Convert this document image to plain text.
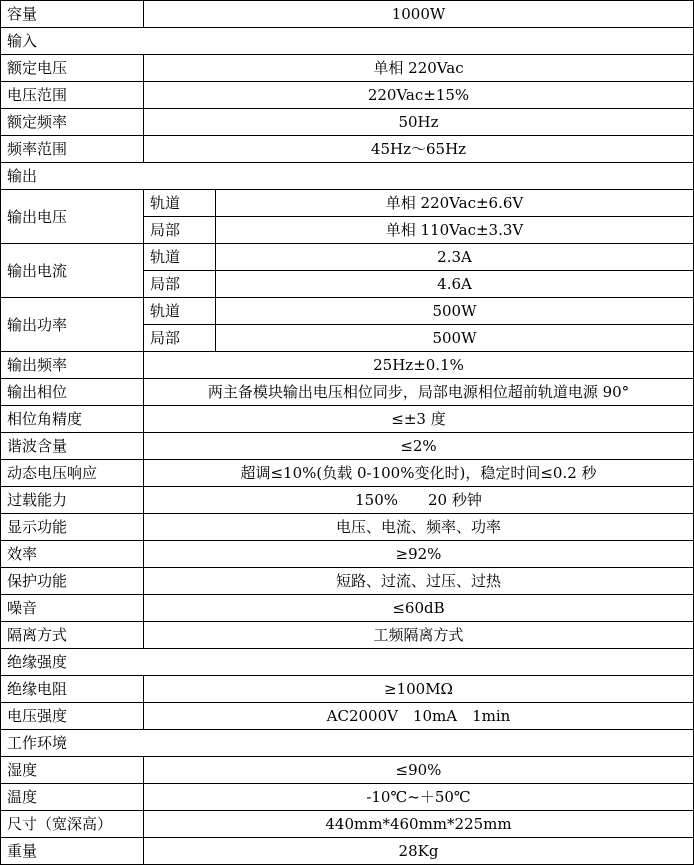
容量	1000W	
输入		
额定电压	单相 220Vac	
电压范围	220Vac±15%	
额定频率	50Hz	
频率范围	45Hz～65Hz	
输出		
输出电压	轨道	单相 220Vac±6.6V
	局部	单相 110Vac±3.3V
输出电流	轨道	2.3A
	局部	4.6A
输出功率	轨道	500W
	局部	500W
输出频率	25Hz±0.1%	
输出相位	两主备模块输出电压相位同步，局部电源相位超前轨道电源 90°	
相位角精度	≤±3 度	
谐波含量	≤2%	
动态电压响应	超调≤10%(负载 0-100%变化时)，稳定时间≤0.2 秒	
过载能力	150%　　20 秒钟	
显示功能	电压、电流、频率、功率	
效率	≥92%	
保护功能	短路、过流、过压、过热	
噪音	≤60dB	
隔离方式	工频隔离方式	
绝缘强度		
绝缘电阻	≥100MΩ	
电压强度	AC2000V　10mA　1min	
工作环境		
湿度	≤90%	
温度	-10℃~＋50℃	
尺寸（宽深高）	440mm*460mm*225mm	
重量	28Kg	
